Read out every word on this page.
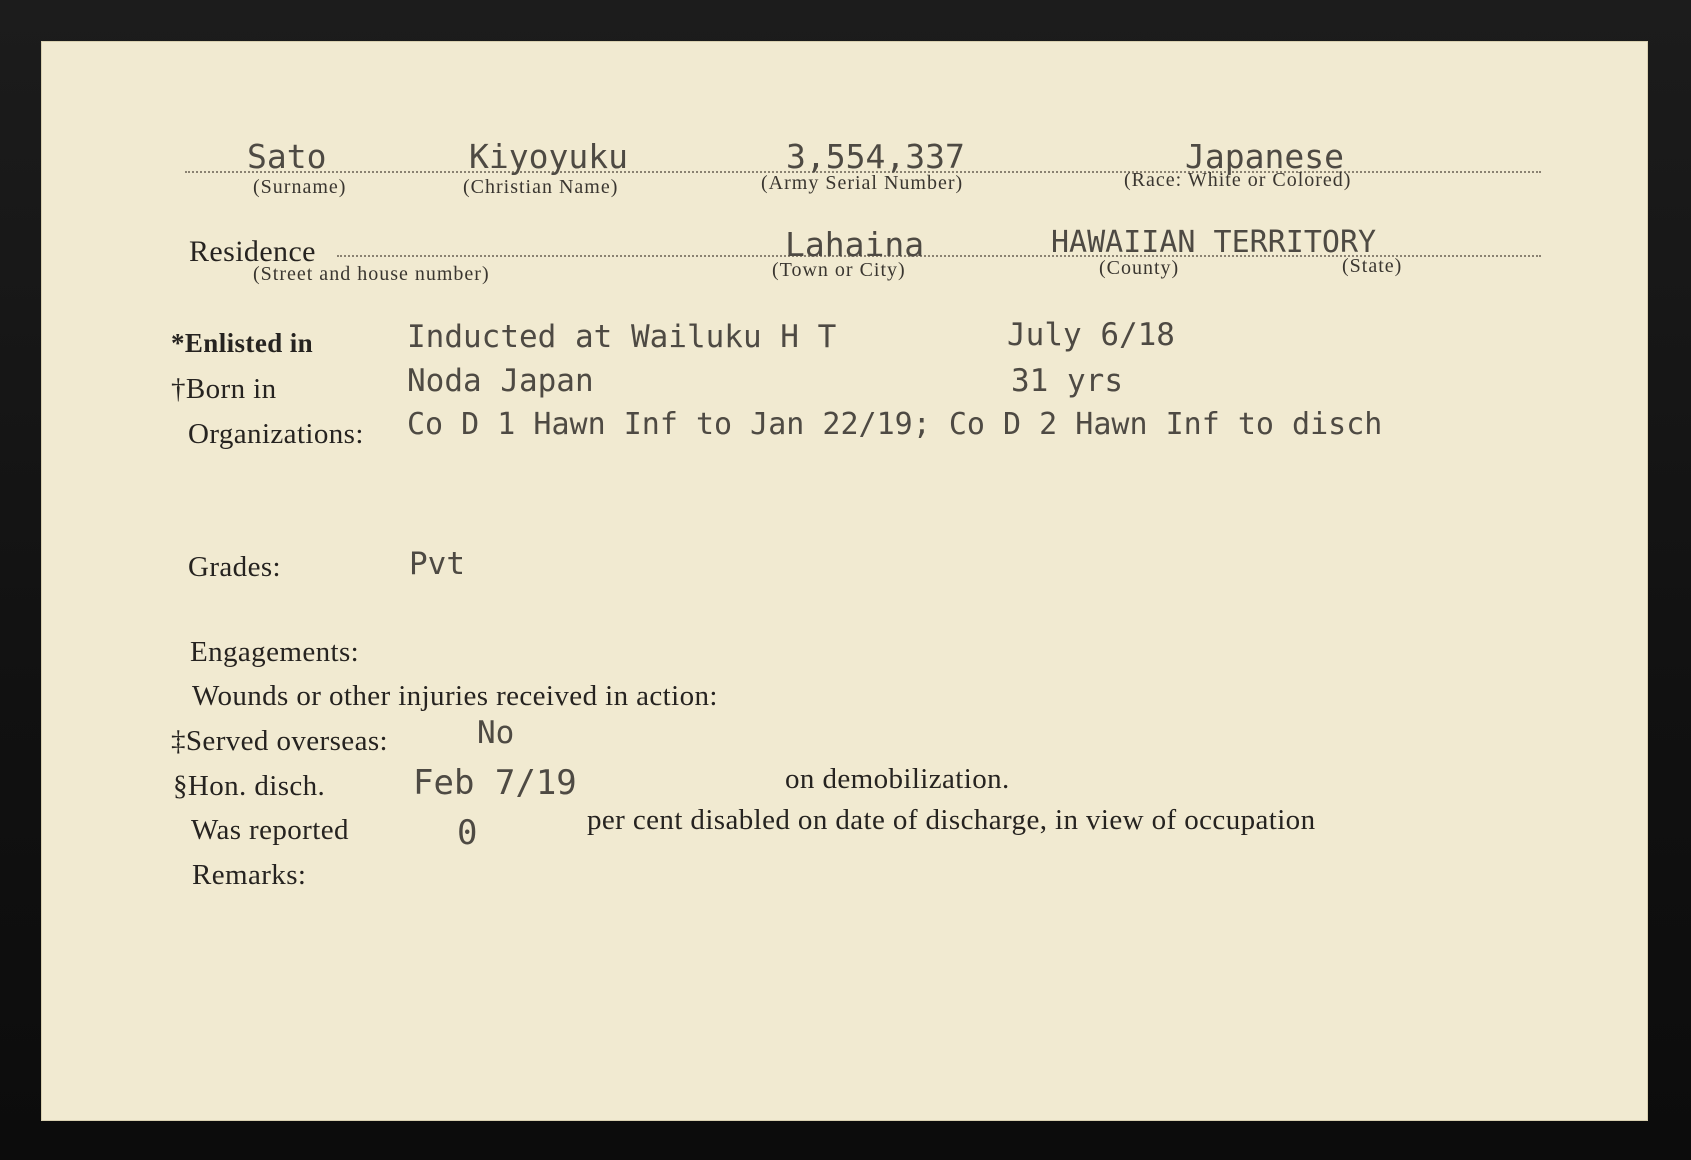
Sato	Kiyoyuku	3,554,337	Japanese
(Surname)	(Christian Name)	(Army Serial Number)	(Race: White or Colored)
Residence	Lahaina	HAWAIIAN TERRITORY
(Street and house number)	(Town or City)	(County)	(State)
*Enlisted in	Inducted at Wailuku H T	July 6/18
†Born in	Noda Japan	31 yrs
Organizations: Co D 1 Hawn Inf to Jan 22/19; Co D 2 Hawn Inf to disch
Grades:	Pvt
Engagements:
Wounds or other injuries received in action:
‡Served overseas:	No
§Hon. disch.	Feb 7/19	on demobilization.
Was reported	0	per cent disabled on date of discharge, in view of occupation
Remarks:
